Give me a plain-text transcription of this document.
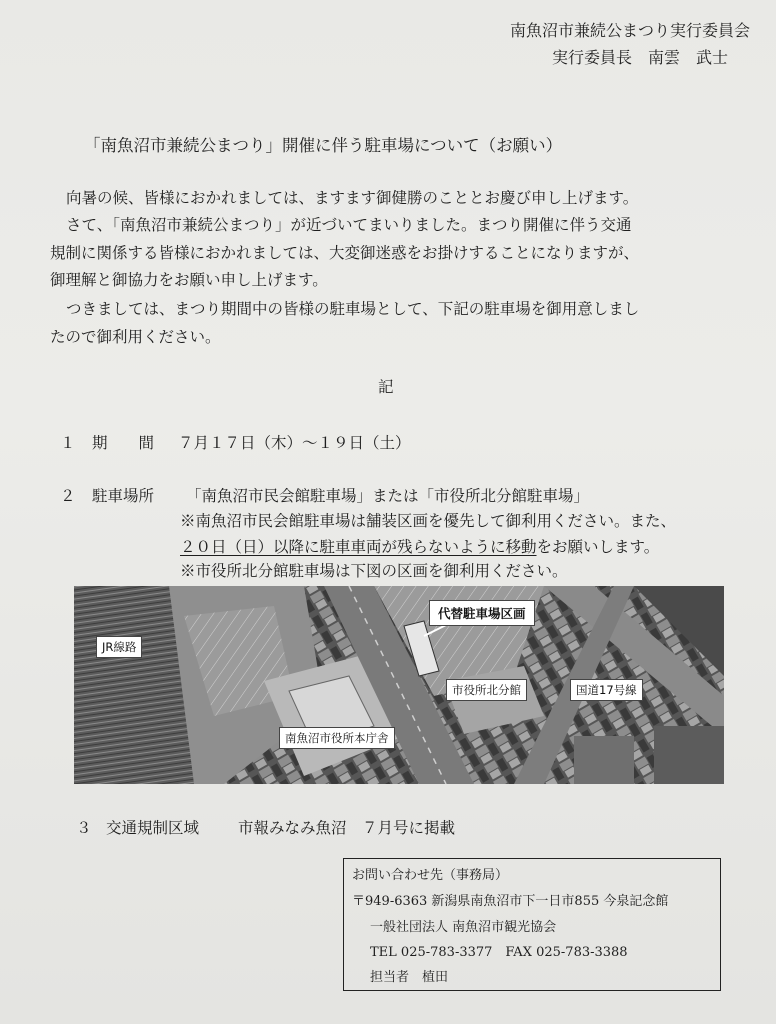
南魚沼市兼続公まつり実行委員会
実行委員長　南雲　武士
「南魚沼市兼続公まつり」開催に伴う駐車場について（お願い）
向暑の候、皆様におかれましては、ますます御健勝のこととお慶び申し上げます。
さて、「南魚沼市兼続公まつり」が近づいてまいりました。まつり開催に伴う交通
規制に関係する皆様におかれましては、大変御迷惑をお掛けすることになりますが、
御理解と御協力をお願い申し上げます。
つきましては、まつり期間中の皆様の駐車場として、下記の駐車場を御用意しまし
たので御利用ください。
記
１ 期　　間 ７月１７日（木）～１９日（土）
２ 駐車場所 「南魚沼市民会館駐車場」または「市役所北分館駐車場」
※南魚沼市民会館駐車場は舗装区画を優先して御利用ください。また、
２０日（日）以降に駐車車両が残らないように移動をお願いします。
※市役所北分館駐車場は下図の区画を御利用ください。
代替駐車場区画
JR線路
市役所北分館	国道17号線
南魚沼市役所本庁舎
３ 交通規制区域	市報みなみ魚沼　７月号に掲載
お問い合わせ先（事務局）
〒949-6363 新潟県南魚沼市下一日市855 今泉記念館
一般社団法人 南魚沼市観光協会
TEL 025-783-3377　FAX 025-783-3388
担当者　植田
